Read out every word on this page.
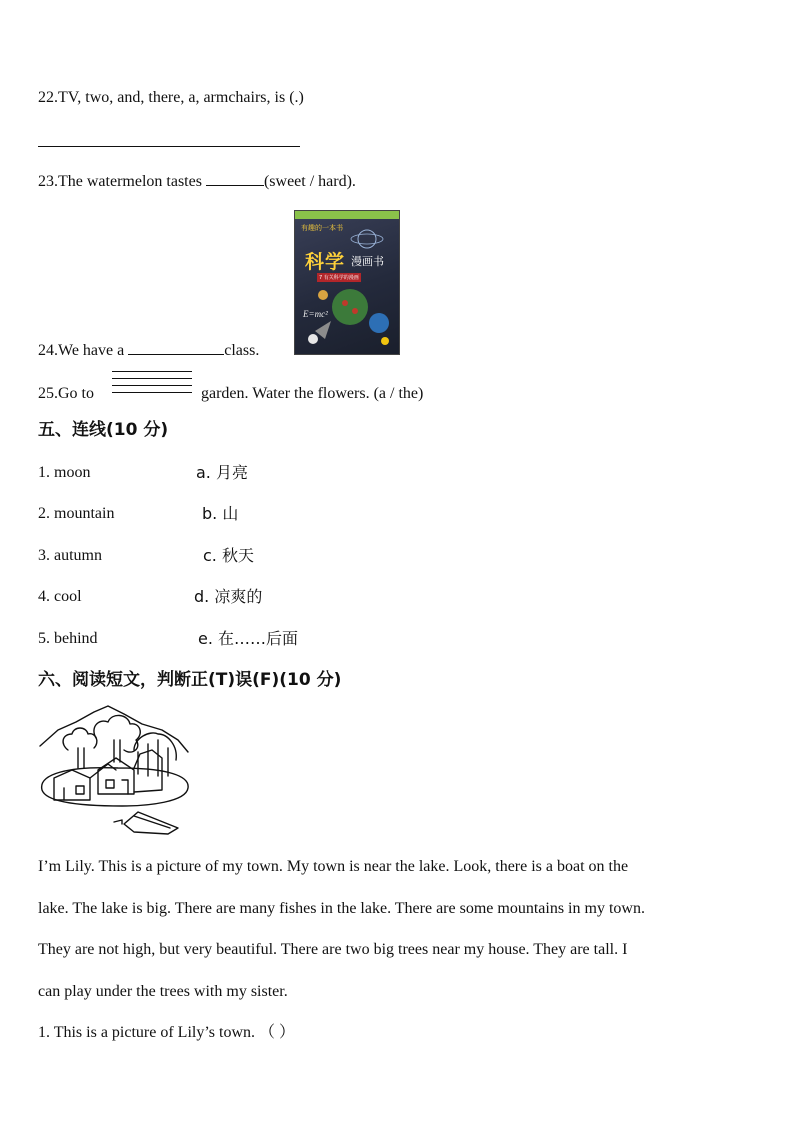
22.TV, two, and, there, a, armchairs, is (.)
23.The watermelon tastes	(sweet / hard).
有趣的一本书
科学 漫画书
7 有关科学的漫画
E=mc²
24.We have a	class.
25.Go to	garden. Water the flowers. (a / the)
五、连线(10 分)
1. moon	a. 月亮
2. mountain	b. 山
3. autumn	c. 秋天
4. cool	d. 凉爽的
5. behind	e. 在……后面
六、阅读短文，判断正(T)误(F)(10 分)
I’m Lily. This is a picture of my town. My town is near the lake. Look, there is a boat on the
lake. The lake is big. There are many fishes in the lake. There are some mountains in my town.
They are not high, but very beautiful. There are two big trees near my house. They are tall. I
can play under the trees with my sister.
1. This is a picture of Lily’s town. （ ）
